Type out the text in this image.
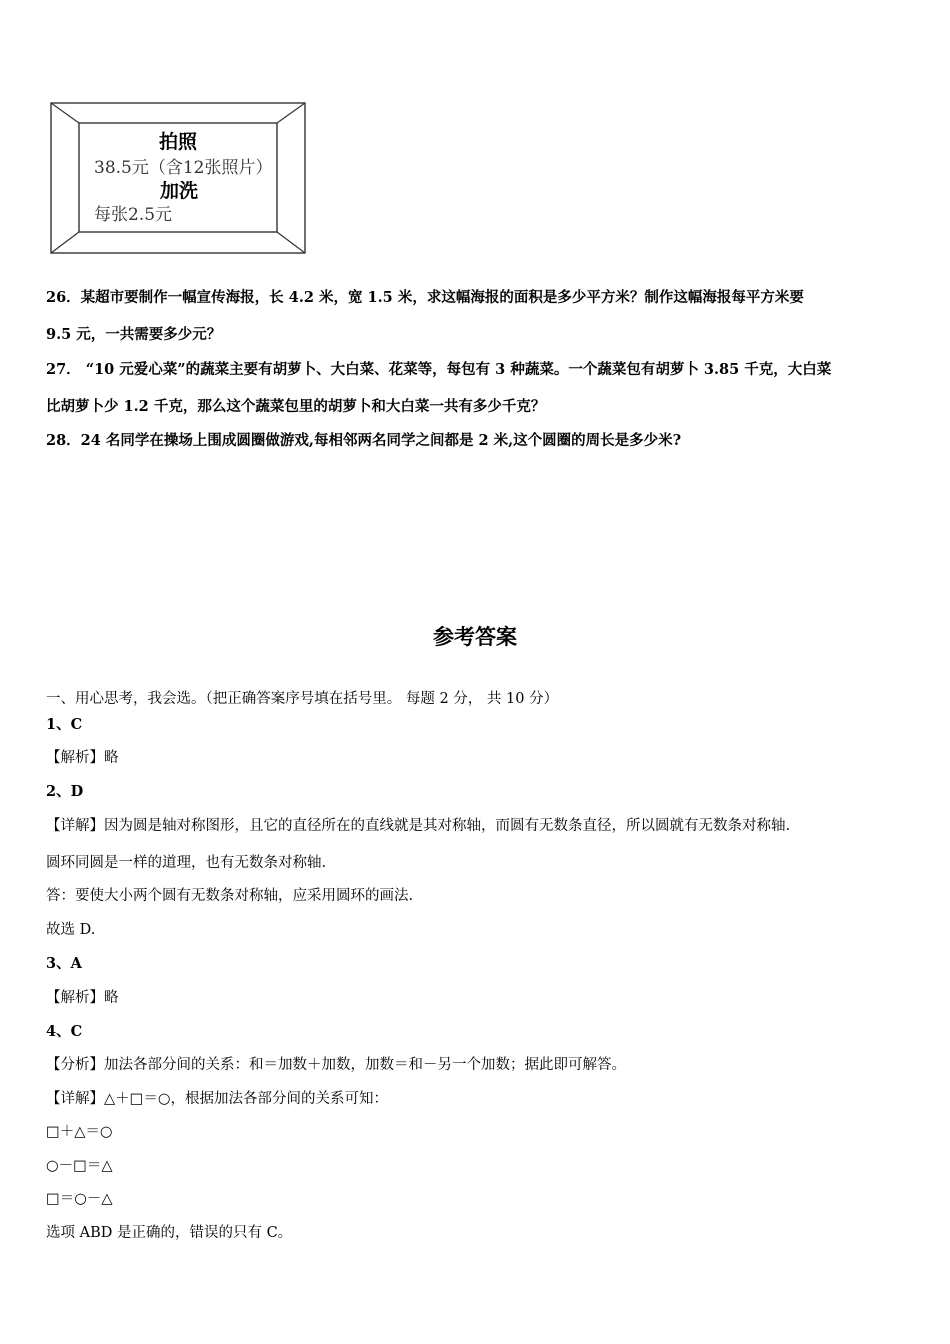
拍照
38.5元（含12张照片）
加洗
每张2.5元
26．某超市要制作一幅宣传海报，长 4.2 米，宽 1.5 米，求这幅海报的面积是多少平方米？制作这幅海报每平方米要
9.5 元，一共需要多少元？
27． “10 元爱心菜”的蔬菜主要有胡萝卜、大白菜、花菜等，每包有 3 种蔬菜。一个蔬菜包有胡萝卜 3.85 千克，大白菜
比胡萝卜少 1.2 千克，那么这个蔬菜包里的胡萝卜和大白菜一共有多少千克？
28．24 名同学在操场上围成圆圈做游戏,每相邻两名同学之间都是 2 米,这个圆圈的周长是多少米?
参考答案
一、用心思考，我会选。（把正确答案序号填在括号里。 每题 2 分， 共 10 分）
1、C
【解析】略
2、D
【详解】因为圆是轴对称图形，且它的直径所在的直线就是其对称轴，而圆有无数条直径，所以圆就有无数条对称轴.
圆环同圆是一样的道理，也有无数条对称轴.
答：要使大小两个圆有无数条对称轴，应采用圆环的画法.
故选 D.
3、A
【解析】略
4、C
【分析】加法各部分间的关系：和＝加数＋加数，加数＝和－另一个加数；据此即可解答。
【详解】△＋□＝○，根据加法各部分间的关系可知：
□＋△＝○
○－□＝△
□＝○－△
选项 ABD 是正确的，错误的只有 C。
